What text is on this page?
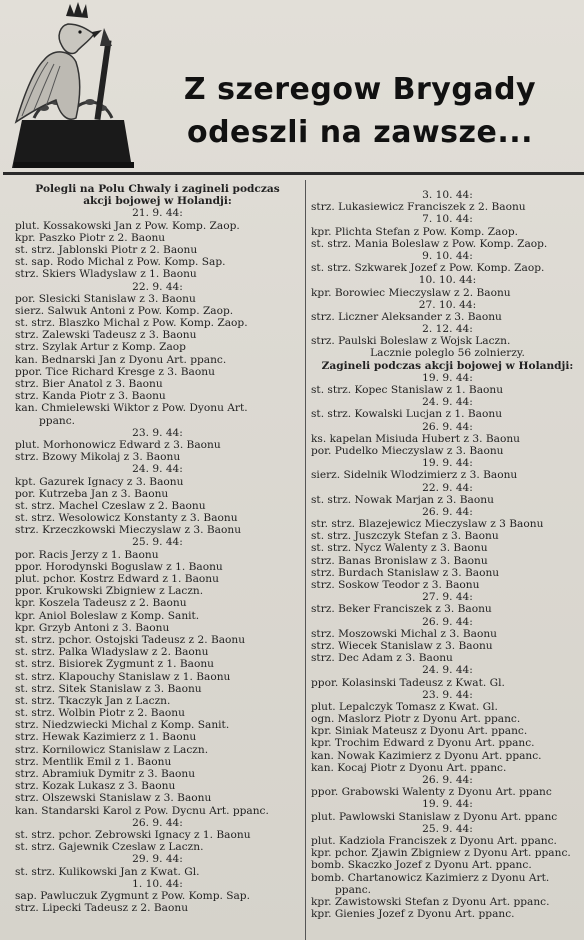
Z szeregow Brygady
odeszli na zawsze...
Polegli na Polu Chwaly i zagineli podczas
akcji bojowej w Holandji:
21. 9. 44:
plut. Kossakowski Jan z Pow. Komp. Zaop.
kpr. Paszko Piotr z 2. Baonu
st. strz. Jablonski Piotr z 2. Baonu
st. sap. Rodo Michal z Pow. Komp. Sap.
strz. Skiers Wladyslaw z 1. Baonu
22. 9. 44:
por. Slesicki Stanislaw z 3. Baonu
sierz. Salwuk Antoni z Pow. Komp. Zaop.
st. strz. Blaszko Michal z Pow. Komp. Zaop.
strz. Zalewski Tadeusz z 3. Baonu
strz. Szylak Artur z Komp. Zaop
kan. Bednarski Jan z Dyonu Art. ppanc.
ppor. Tice Richard Kresge z 3. Baonu
strz. Bier Anatol z 3. Baonu
strz. Kanda Piotr z 3. Baonu
kan. Chmielewski Wiktor z Pow. Dyonu Art.
ppanc.
23. 9. 44:
plut. Morhonowicz Edward z 3. Baonu
strz. Bzowy Mikolaj z 3. Baonu
24. 9. 44:
kpt. Gazurek Ignacy z 3. Baonu
por. Kutrzeba Jan z 3. Baonu
st. strz. Machel Czeslaw z 2. Baonu
st. strz. Wesolowicz Konstanty z 3. Baonu
strz. Krzeczkowski Mieczyslaw z 3. Baonu
25. 9. 44:
por. Racis Jerzy z 1. Baonu
ppor. Horodynski Boguslaw z 1. Baonu
plut. pchor. Kostrz Edward z 1. Baonu
ppor. Krukowski Zbigniew z Laczn.
kpr. Koszela Tadeusz z 2. Baonu
kpr. Aniol Boleslaw z Komp. Sanit.
kpr. Grzyb Antoni z 3. Baonu
st. strz. pchor. Ostojski Tadeusz z 2. Baonu
st. strz. Palka Wladyslaw z 2. Baonu
st. strz. Bisiorek Zygmunt z 1. Baonu
st. strz. Klapouchy Stanislaw z 1. Baonu
st. strz. Sitek Stanislaw z 3. Baonu
st. strz. Tkaczyk Jan z Laczn.
st. strz. Wolbin Piotr z 2. Baonu
strz. Niedzwiecki Michal z Komp. Sanit.
strz. Hewak Kazimierz z 1. Baonu
strz. Kornilowicz Stanislaw z Laczn.
strz. Mentlik Emil z 1. Baonu
strz. Abramiuk Dymitr z 3. Baonu
strz. Kozak Lukasz z 3. Baonu
strz. Olszewski Stanislaw z 3. Baonu
kan. Standarski Karol z Pow. Dycnu Art. ppanc.
26. 9. 44:
st. strz. pchor. Zebrowski Ignacy z 1. Baonu
st. strz. Gajewnik Czeslaw z Laczn.
29. 9. 44:
st. strz. Kulikowski Jan z Kwat. Gl.
1. 10. 44:
sap. Pawluczuk Zygmunt z Pow. Komp. Sap.
strz. Lipecki Tadeusz z 2. Baonu
3. 10. 44:
strz. Lukasiewicz Franciszek z 2. Baonu
7. 10. 44:
kpr. Plichta Stefan z Pow. Komp. Zaop.
st. strz. Mania Boleslaw z Pow. Komp. Zaop.
9. 10. 44:
st. strz. Szkwarek Jozef z Pow. Komp. Zaop.
10. 10. 44:
kpr. Borowiec Mieczyslaw z 2. Baonu
27. 10. 44:
strz. Liczner Aleksander z 3. Baonu
2. 12. 44:
strz. Paulski Boleslaw z Wojsk Laczn.
Lacznie poleglo 56 zolnierzy.
Zagineli podczas akcji bojowej w Holandji:
19. 9. 44:
st. strz. Kopec Stanislaw z 1. Baonu
24. 9. 44:
st. strz. Kowalski Lucjan z 1. Baonu
26. 9. 44:
ks. kapelan Misiuda Hubert z 3. Baonu
por. Pudelko Mieczyslaw z 3. Baonu
19. 9. 44:
sierz. Sidelnik Wlodzimierz z 3. Baonu
22. 9. 44:
st. strz. Nowak Marjan z 3. Baonu
26. 9. 44:
str. strz. Blazejewicz Mieczyslaw z 3 Baonu
st. strz. Juszczyk Stefan z 3. Baonu
st. strz. Nycz Walenty z 3. Baonu
strz. Banas Bronislaw z 3. Baonu
strz. Burdach Stanislaw z 3. Baonu
strz. Soskow Teodor z 3. Baonu
27. 9. 44:
strz. Beker Franciszek z 3. Baonu
26. 9. 44:
strz. Moszowski Michal z 3. Baonu
strz. Wiecek Stanislaw z 3. Baonu
strz. Dec Adam z 3. Baonu
24. 9. 44:
ppor. Kolasinski Tadeusz z Kwat. Gl.
23. 9. 44:
plut. Lepalczyk Tomasz z Kwat. Gl.
ogn. Maslorz Piotr z Dyonu Art. ppanc.
kpr. Siniak Mateusz z Dyonu Art. ppanc.
kpr. Trochim Edward z Dyonu Art. ppanc.
kan. Nowak Kazimierz z Dyonu Art. ppanc.
kan. Kocaj Piotr z Dyonu Art. ppanc.
26. 9. 44:
ppor. Grabowski Walenty z Dyonu Art. ppanc
19. 9. 44:
plut. Pawlowski Stanislaw z Dyonu Art. ppanc
25. 9. 44:
plut. Kadziola Franciszek z Dyonu Art. ppanc.
kpr. pchor. Zjawin Zbigniew z Dyonu Art. ppanc.
bomb. Skaczko Jozef z Dyonu Art. ppanc.
bomb. Chartanowicz Kazimierz z Dyonu Art.
ppanc.
kpr. Zawistowski Stefan z Dyonu Art. ppanc.
kpr. Gienies Jozef z Dyonu Art. ppanc.
